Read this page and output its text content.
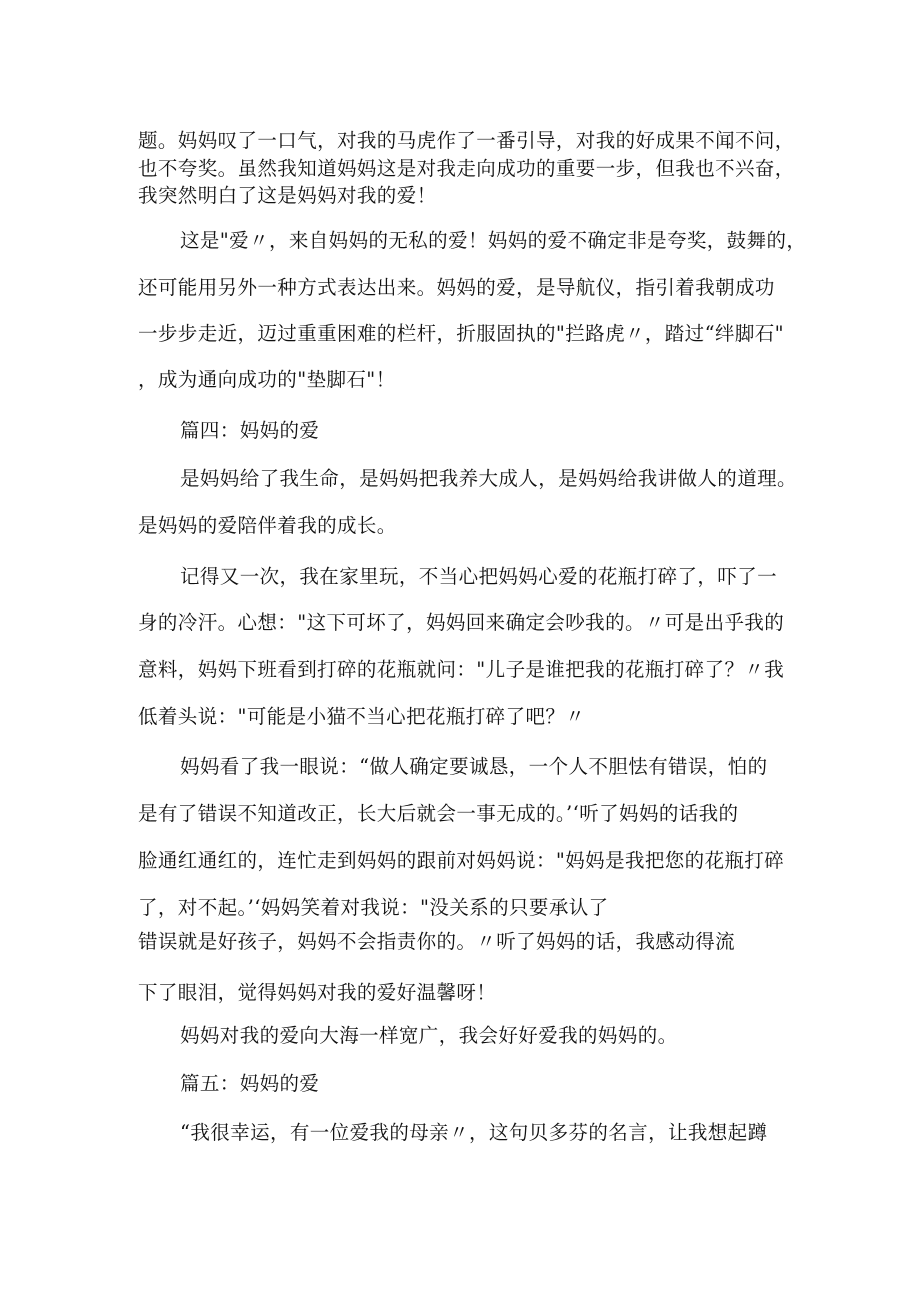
题。妈妈叹了一口气，对我的马虎作了一番引导，对我的好成果不闻不问，
也不夸奖。虽然我知道妈妈这是对我走向成功的重要一步，但我也不兴奋，
我突然明白了这是妈妈对我的爱！
这是"爱〃，来自妈妈的无私的爱！妈妈的爱不确定非是夸奖，鼓舞的，
还可能用另外一种方式表达出来。妈妈的爱，是导航仪，指引着我朝成功
一步步走近，迈过重重困难的栏杆，折服固执的"拦路虎〃，踏过“绊脚石"
，成为通向成功的"垫脚石"！
篇四：妈妈的爱
是妈妈给了我生命，是妈妈把我养大成人，是妈妈给我讲做人的道理。
是妈妈的爱陪伴着我的成长。
记得又一次，我在家里玩，不当心把妈妈心爱的花瓶打碎了，吓了一
身的冷汗。心想："这下可坏了，妈妈回来确定会吵我的。〃可是出乎我的
意料，妈妈下班看到打碎的花瓶就问："儿子是谁把我的花瓶打碎了？〃我
低着头说："可能是小猫不当心把花瓶打碎了吧？〃
妈妈看了我一眼说：“做人确定要诚恳，一个人不胆怯有错误，怕的
是有了错误不知道改正，长大后就会一事无成的。’‘听了妈妈的话我的
脸通红通红的，连忙走到妈妈的跟前对妈妈说："妈妈是我把您的花瓶打碎
了，对不起。’‘妈妈笑着对我说："没关系的只要承认了
错误就是好孩子，妈妈不会指责你的。〃听了妈妈的话，我感动得流
下了眼泪，觉得妈妈对我的爱好温馨呀！
妈妈对我的爱向大海一样宽广，我会好好爱我的妈妈的。
篇五：妈妈的爱
“我很幸运，有一位爱我的母亲〃，这句贝多芬的名言，让我想起蹲
